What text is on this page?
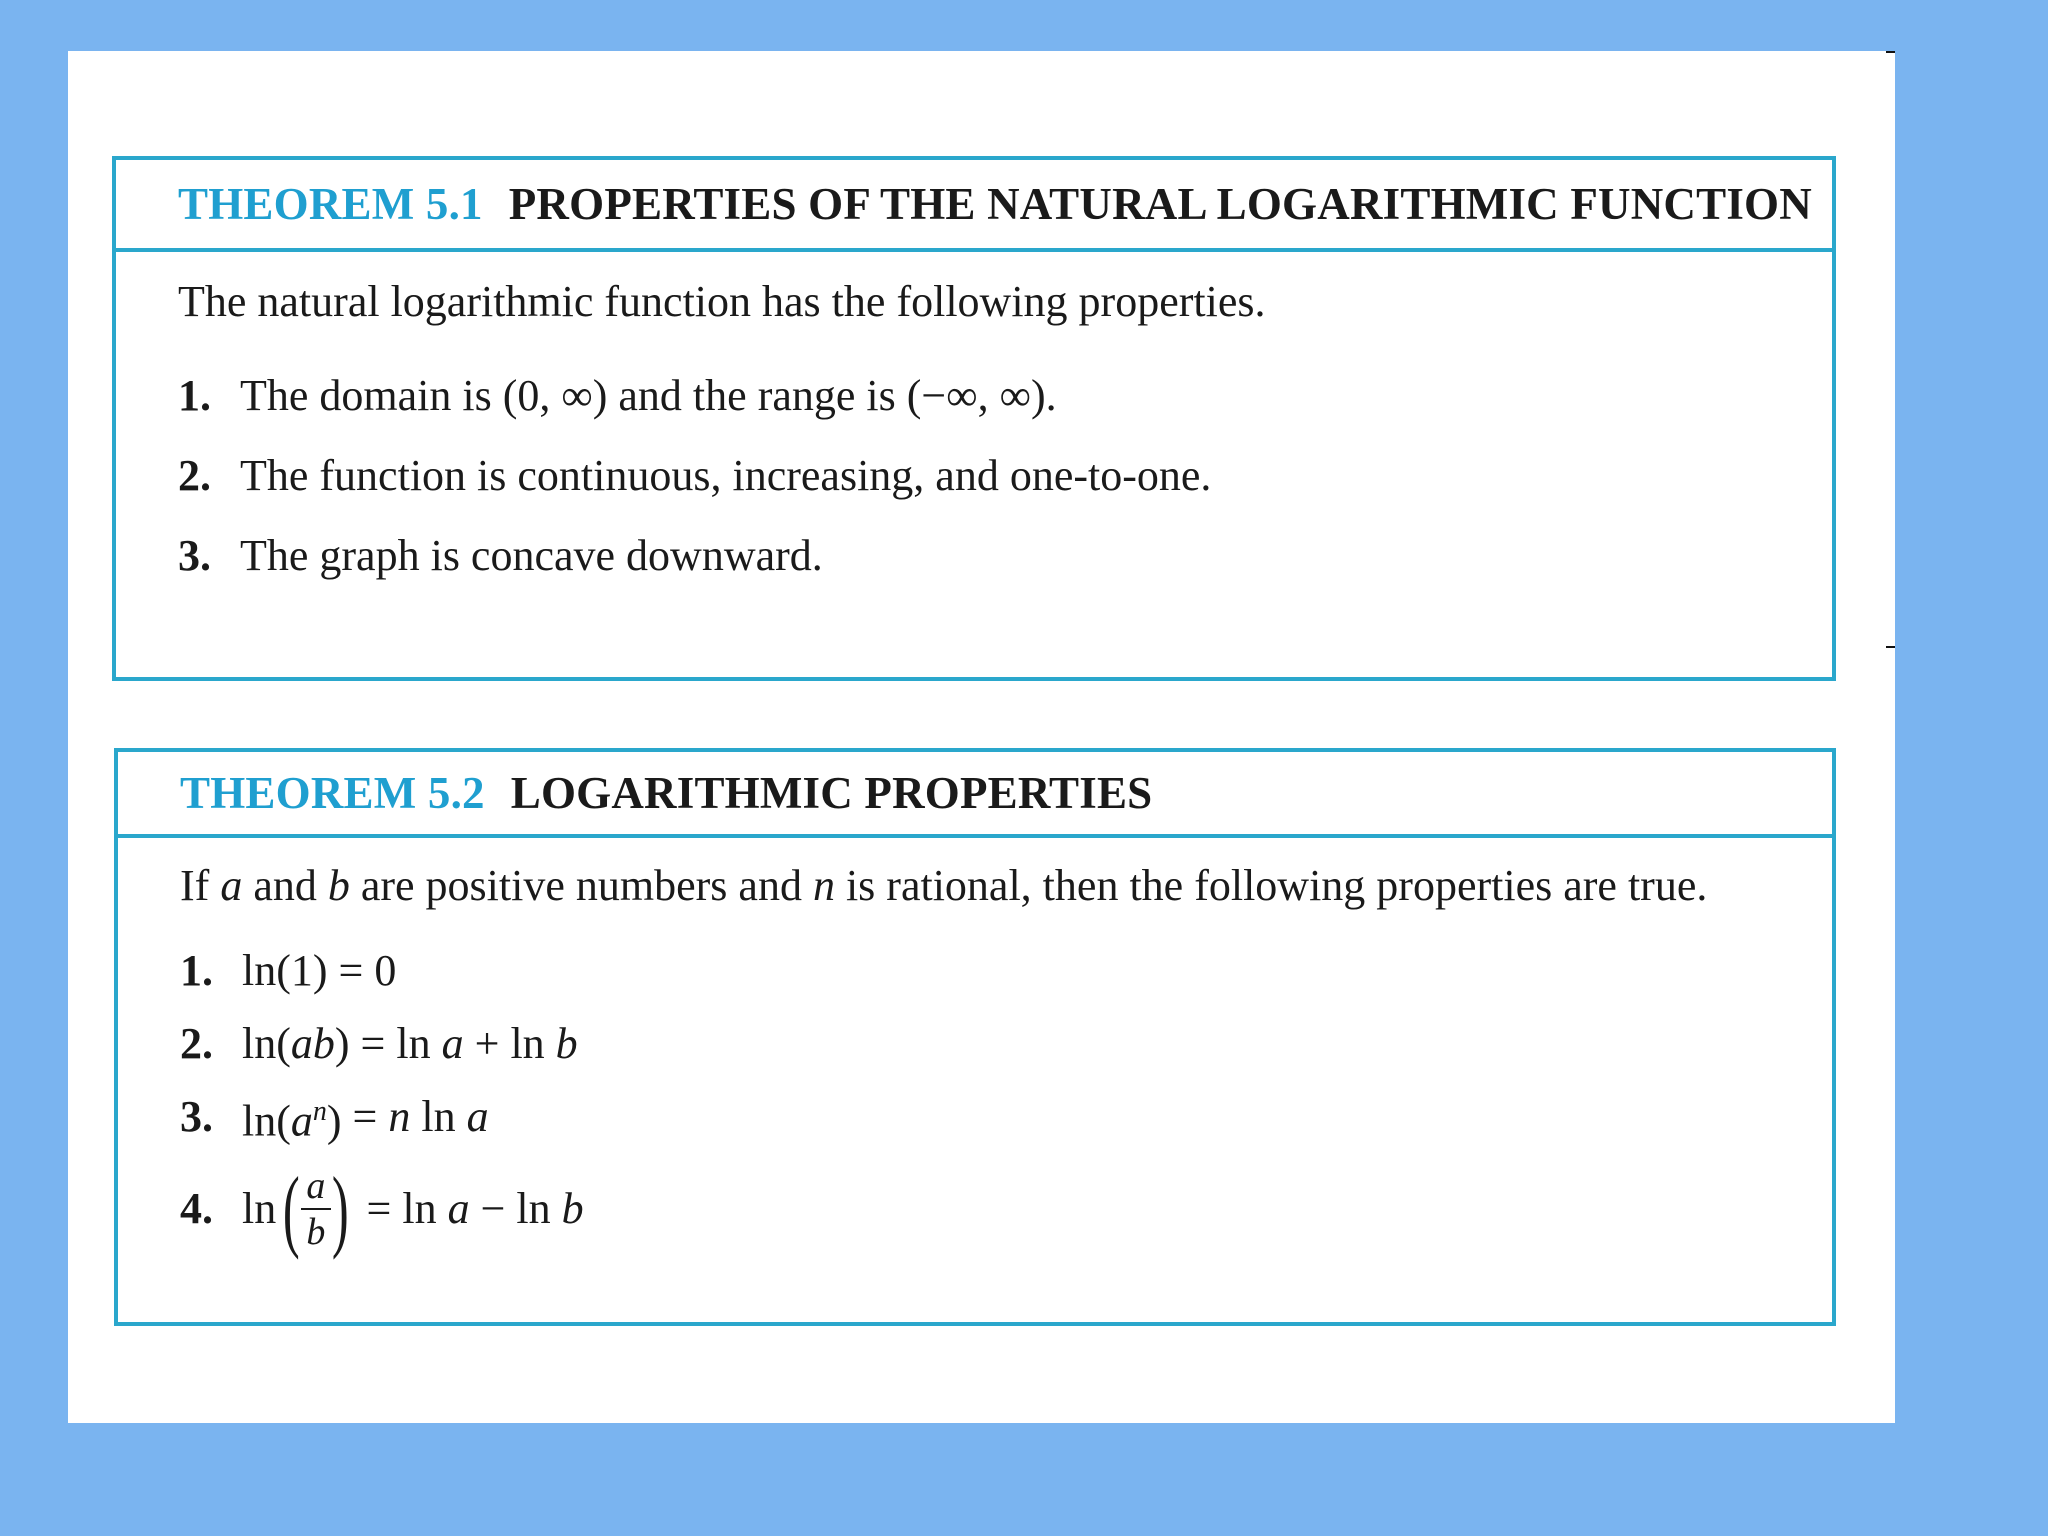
THEOREM 5.1 PROPERTIES OF THE NATURAL LOGARITHMIC FUNCTION

The natural logarithmic function has the following properties.

1. The domain is (0, ∞) and the range is (−∞, ∞).
2. The function is continuous, increasing, and one-to-one.
3. The graph is concave downward.
THEOREM 5.2 LOGARITHMIC PROPERTIES

If a and b are positive numbers and n is rational, then the following properties are true.

1. ln(1) = 0
2. ln(ab) = ln a + ln b
3. $\ln(a^n) = n$ ln a
4. ln ( a
b ) = ln a − ln b
